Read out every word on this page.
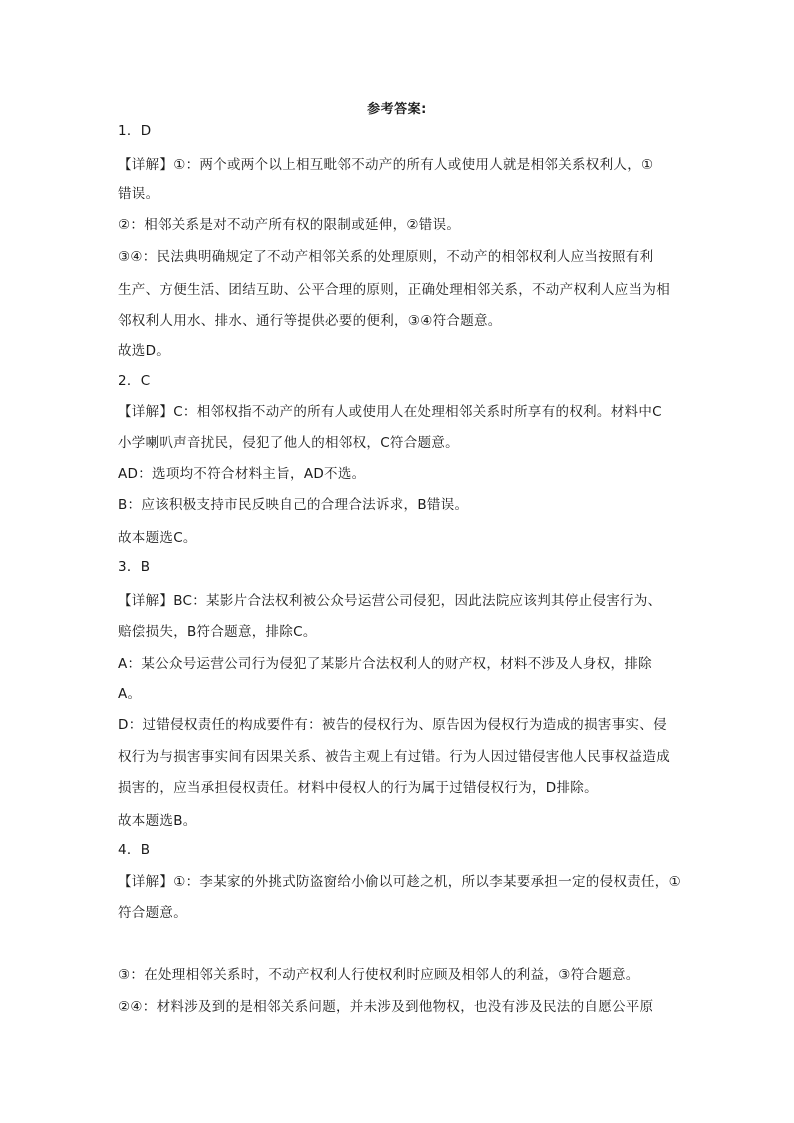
参考答案:
1．D
【详解】①：两个或两个以上相互毗邻不动产的所有人或使用人就是相邻关系权利人，①
错误。
②：相邻关系是对不动产所有权的限制或延伸，②错误。
③④：民法典明确规定了不动产相邻关系的处理原则，不动产的相邻权利人应当按照有利
生产、方便生活、团结互助、公平合理的原则，正确处理相邻关系，不动产权利人应当为相
邻权利人用水、排水、通行等提供必要的便利，③④符合题意。
故选D。
2．C
【详解】C：相邻权指不动产的所有人或使用人在处理相邻关系时所享有的权利。材料中C
小学喇叭声音扰民，侵犯了他人的相邻权，C符合题意。
AD：选项均不符合材料主旨，AD不选。
B：应该积极支持市民反映自己的合理合法诉求，B错误。
故本题选C。
3．B
【详解】BC：某影片合法权利被公众号运营公司侵犯，因此法院应该判其停止侵害行为、
赔偿损失，B符合题意，排除C。
A：某公众号运营公司行为侵犯了某影片合法权利人的财产权，材料不涉及人身权，排除
A。
D：过错侵权责任的构成要件有：被告的侵权行为、原告因为侵权行为造成的损害事实、侵
权行为与损害事实间有因果关系、被告主观上有过错。行为人因过错侵害他人民事权益造成
损害的，应当承担侵权责任。材料中侵权人的行为属于过错侵权行为，D排除。
故本题选B。
4．B
【详解】①：李某家的外挑式防盗窗给小偷以可趁之机，所以李某要承担一定的侵权责任，①
符合题意。
③：在处理相邻关系时，不动产权利人行使权利时应顾及相邻人的利益，③符合题意。
②④：材料涉及到的是相邻关系问题，并未涉及到他物权，也没有涉及民法的自愿公平原
